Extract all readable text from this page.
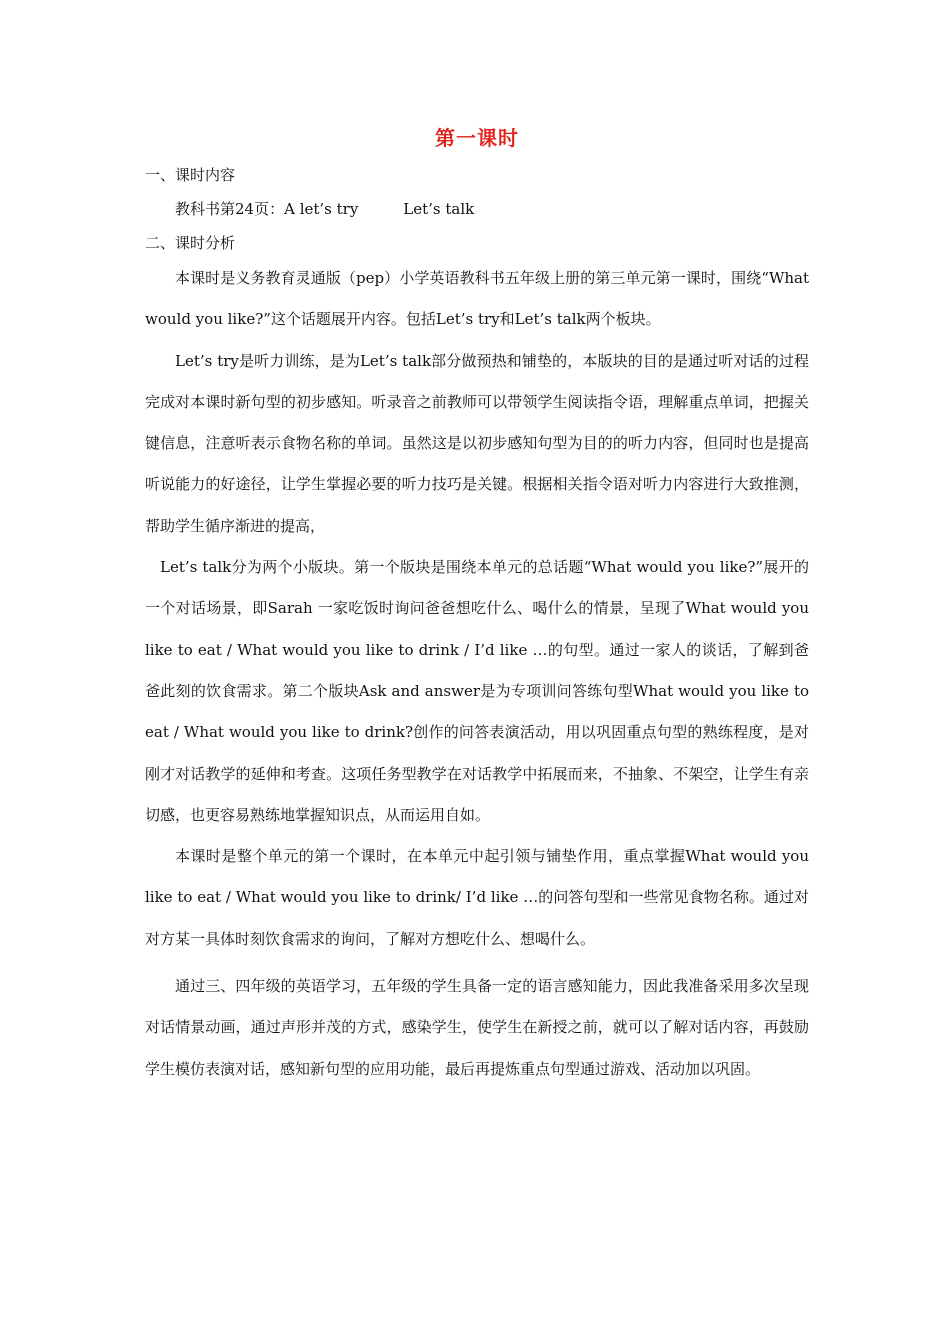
第一课时
一、课时内容

教科书第24页：A let’s try　　　Let’s talk

二、课时分析

本课时是义务教育灵通版（pep）小学英语教科书五年级上册的第三单元第一课时，围绕“What would you like?”这个话题展开内容。包括Let’s try和Let’s talk两个板块。

Let’s try是听力训练，是为Let’s talk部分做预热和铺垫的，本版块的目的是通过听对话的过程完成对本课时新句型的初步感知。听录音之前教师可以带领学生阅读指令语，理解重点单词，把握关键信息，注意听表示食物名称的单词。虽然这是以初步感知句型为目的的听力内容，但同时也是提高听说能力的好途径，让学生掌握必要的听力技巧是关键。根据相关指令语对听力内容进行大致推测，帮助学生循序渐进的提高，

Let’s talk分为两个小版块。第一个版块是围绕本单元的总话题“What would you like?”展开的一个对话场景，即Sarah 一家吃饭时询问爸爸想吃什么、喝什么的情景，呈现了What would you like to eat / What would you like to drink / I’d like …的句型。通过一家人的谈话，了解到爸爸此刻的饮食需求。第二个版块Ask and answer是为专项训问答练句型What would you like to eat / What would you like to drink?创作的问答表演活动，用以巩固重点句型的熟练程度，是对刚才对话教学的延伸和考查。这项任务型教学在对话教学中拓展而来，不抽象、不架空，让学生有亲切感，也更容易熟练地掌握知识点，从而运用自如。

本课时是整个单元的第一个课时，在本单元中起引领与铺垫作用，重点掌握What would you like to eat / What would you like to drink/ I’d like …的问答句型和一些常见食物名称。通过对对方某一具体时刻饮食需求的询问，了解对方想吃什么、想喝什么。

通过三、四年级的英语学习，五年级的学生具备一定的语言感知能力，因此我准备采用多次呈现对话情景动画，通过声形并茂的方式，感染学生，使学生在新授之前，就可以了解对话内容，再鼓励学生模仿表演对话，感知新句型的应用功能，最后再提炼重点句型通过游戏、活动加以巩固。
